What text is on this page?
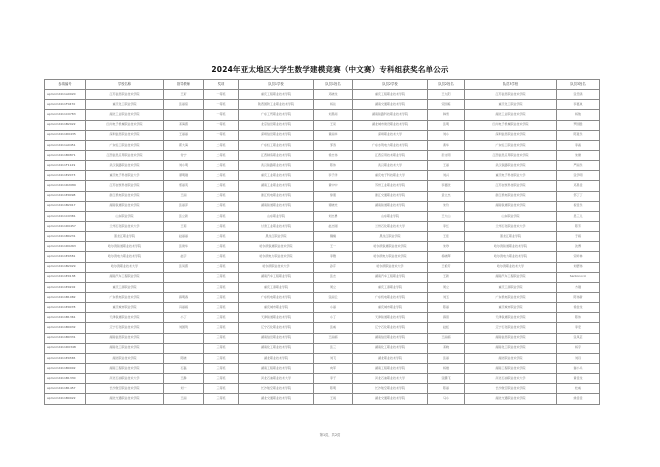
2024年亚太地区大学生数学建模竞赛（中文赛）专科组获奖名单公示
参赛编号	学校名称	指导教师	奖项	队员1学校	队员1姓名	队员2学校	队员2姓名	队员3学校	队员3姓名
apmcm2411A0020	江苏信息职业技术学院	王珩	一等奖	重庆工程职业技术学院	邓晓龙	重庆工程职业技术学院	王九阳	江苏信息职业技术学院	张仔鸥
apmcm2411F0470	重庆化工职业学院	张丽琼	一等奖	陕西国防工业职业技术学院	杨沁	湖南交通职业技术学院	宋国栋	重庆化工职业学院	李嘉岚
apmcm2411C0783	湖北工业职业技术学院		一等奖	广东工贸职业技术学院	刘思雨	湖南铁路科技职业技术学院	韩雪	湖北工业职业技术学院	杨俊
apmcm2411B2022	四川电子机械职业技术学院	邓海霞	一等奖	北京信息职业技术学院	王亮	湖北城市建设职业技术学院	张明	四川电子机械职业技术学院	罗国胜
apmcm2411D0435	深圳信息职业技术学院	王丽丽	一等奖	深圳信息职业技术学院	黄丽华	深圳职业技术大学	刘小	深圳信息职业技术学院	陈楚乐
apmcm2411A0451	广东轻工职业技术学院	郭大海	二等奖	广东轻工职业技术学院	邹涛	广东水利电力职业技术学院	黄华	广东轻工职业技术学院	李淼
apmcm2411B0871	江西信息应用职业技术学院	付宁	二等奖	江西制造职业技术学院	徐志伟	江西应用技术职业学院	彭文明	江西信息应用职业技术学院	朱健
apmcm2411F1129	武汉铁路职业技术学院	刘小明	二等奖	武汉铁路职业技术学院	陈伟	武汉职业技术大学	王丽	武汉铁路职业技术学院	严丽乐
apmcm2411E2073	重庆电子科技职业大学	谭明刚	二等奖	重庆工业职业技术学院	李子洋	重庆电子科技职业大学	刘兴	重庆电子科技职业大学	张学明
apmcm2411D2089	江苏农牧科技职业学院	邢丽英	二等奖	湖南工业职业技术学院	黄中中	苏州工业职业技术学院	李嘉欣	江苏农牧科技职业学院	邓思佳
apmcm2411E0098	浙江机电职业技术学院	王丽	二等奖	浙江机电职业技术学院	徐朋	浙江交通职业技术学院	袁立杰	浙江机电职业技术学院	邹丁丁
apmcm2411B2017	湖南铁道职业技术学院	张丽萍	二等奖	湖南铁道职业技术学院	谭晓光	湖南铁道职业技术学院	朱玲	湖南铁道职业技术学院	祝佳乐
apmcm2411C0381	山东职业学院	张立新	二等奖	山东职业学院	刘志勇	山东职业学院	王大山	山东职业学院	吴三儿
apmcm2411D0457	兰州石化职业技术大学	王莉	二等奖	甘肃工业职业技术学院	赵志刚	兰州石化职业技术大学	李红	兰州石化职业技术大学	陈芳
apmcm2411B0231	黑龙江职业学院	赵丽丽	二等奖	黑龙江职业学院	魏楠	黑龙江职业学院	王佳	黑龙江职业学院	于娟
apmcm2411D0263	哈尔滨铁道职业技术学院	张建华	二等奖	哈尔滨铁道职业技术学院	王一	哈尔滨铁道职业技术学院	朱珍	哈尔滨铁道职业技术学院	沈博
apmcm2411E0381	哈尔滨电力职业技术学院	赵宇	二等奖	哈尔滨电力职业技术学院	李雅	哈尔滨电力职业技术学院	杨晓辉	哈尔滨电力职业技术学院	宋昕林
apmcm2411B2029	哈尔滨职业技术大学	张凤霞	二等奖	哈尔滨职业技术大学	孙芹	哈尔滨职业技术大学	王艳芳	哈尔滨职业技术大学	刘德伟
apmcm2411E0138	湖南汽车工程职业学院		三等奖	湖南汽车工程职业学院	张志	湖南汽车工程职业学院	王新	湖南汽车工程职业学院	Santonocci
apmcm2411E0202	重庆工商职业学院		三等奖	重庆工商职业学院	周立	重庆工商职业学院	周立	重庆工商职业学院	方刚
apmcm2411B1082	广东机电职业技术学院	薛明春	三等奖	广东机电职业技术学院	张丽云	广东机电职业技术学院	刘玉	广东机电职业技术学院	陈伟新
apmcm2411E0078	重庆城市职业学院	冯丽娟	三等奖	重庆城市职业学院	小丽	重庆城市职业学院	陈丽	重庆城市职业学院	徐金龙
apmcm2411B1361	天津铁道职业技术学院	小丁	三等奖	天津铁道职业技术学院	小丁	天津铁道职业技术学院	薛思	天津铁道职业技术学院	陈伟
apmcm2411B0032	辽宁石化职业技术学院	刘国利	三等奖	辽宁石化职业技术学院	张威	辽宁石化职业技术学院	赵虹	辽宁石化职业技术学院	李宏
apmcm2411B0331	湖南信息职业技术学院		三等奖	湖南信息职业技术学院	王丽娟	湖南信息职业技术学院	王丽娟	湖南信息职业技术学院	张凤芸
apmcm2411D0348	湖南化工职业技术学院		三等奖	湖南化工职业技术学院	张三	湖南化工职业技术学院	邓晓	湖南化工职业技术学院	杨宇
apmcm2411E0365	湖北职业技术学院	陈晓	三等奖	湖北职业技术学院	刘飞	湖北职业技术学院	张丽	湖北职业技术学院	刘丹
apmcm2411B0002	湖南工程职业技术学院	石磊	三等奖	湖南工程职业技术学院	向军	湖南工程职业技术学院	杨雄	湖南工程职业技术学院	谢小兵
apmcm2411B1330	河北石油职业技术大学	王静	三等奖	河北石油职业技术大学	李子	河北石油职业技术大学	张鹏飞	河北石油职业技术大学	黄佳龙
apmcm2411B1457	长沙航空职业技术学院	刘一	三等奖	长沙航空职业技术学院	陈明	长沙航空职业技术学院	陈丽	长沙航空职业技术学院	杜威
apmcm2411B0022	湖北交通职业技术学院	王丽	三等奖	湖北交通职业技术学院	王雨	湖北交通职业技术学院	马小	湖北交通职业技术学院	姚佳佳
第1页，共2页
